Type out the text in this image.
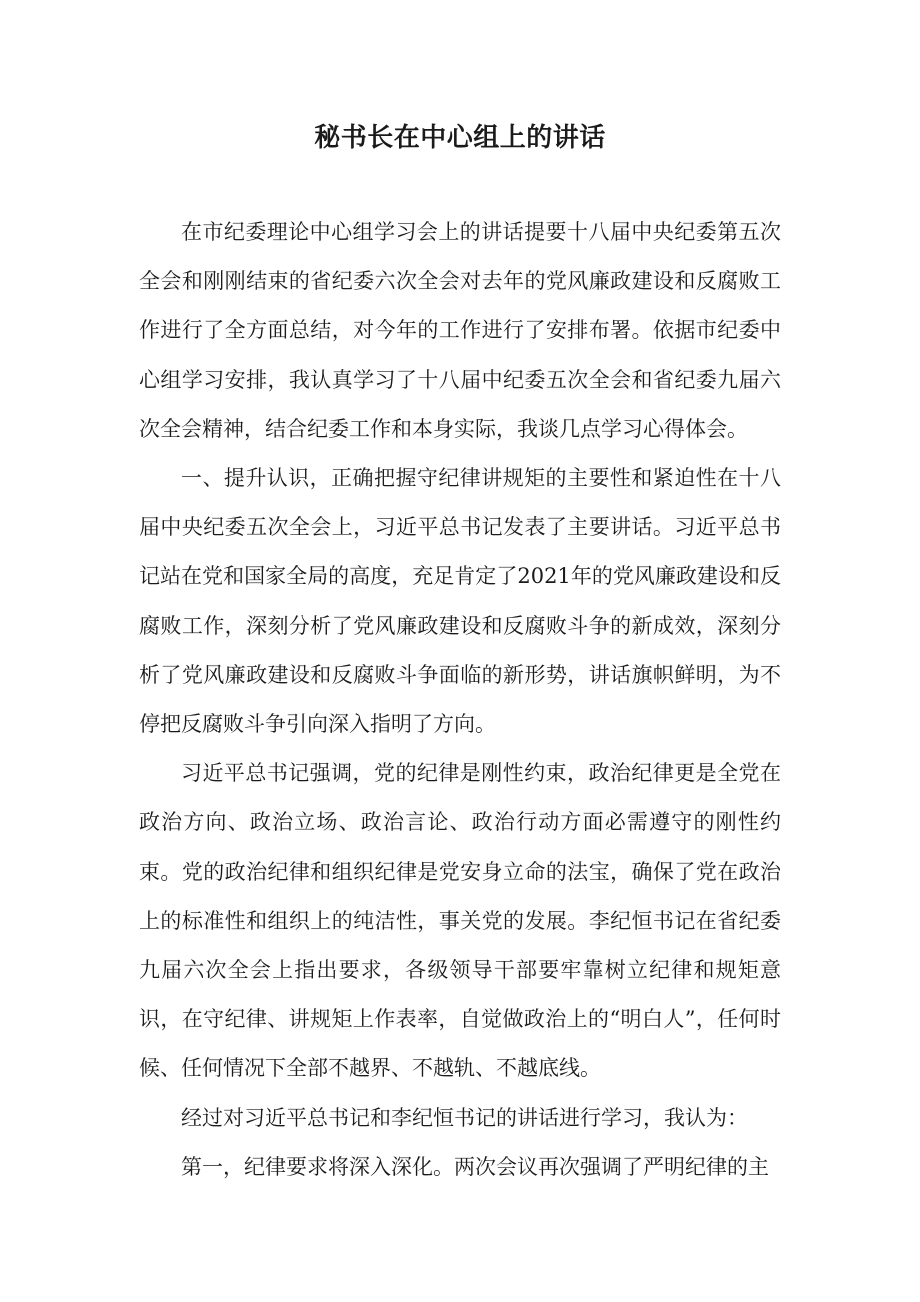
秘书长在中心组上的讲话

在市纪委理论中心组学习会上的讲话提要十八届中央纪委第五次全会和刚刚结束的省纪委六次全会对去年的党风廉政建设和反腐败工作进行了全方面总结，对今年的工作进行了安排布署。依据市纪委中心组学习安排，我认真学习了十八届中纪委五次全会和省纪委九届六次全会精神，结合纪委工作和本身实际，我谈几点学习心得体会。

一、提升认识，正确把握守纪律讲规矩的主要性和紧迫性在十八届中央纪委五次全会上，习近平总书记发表了主要讲话。习近平总书记站在党和国家全局的高度，充足肯定了2021年的党风廉政建设和反腐败工作，深刻分析了党风廉政建设和反腐败斗争的新成效，深刻分析了党风廉政建设和反腐败斗争面临的新形势，讲话旗帜鲜明，为不停把反腐败斗争引向深入指明了方向。

习近平总书记强调，党的纪律是刚性约束，政治纪律更是全党在政治方向、政治立场、政治言论、政治行动方面必需遵守的刚性约束。党的政治纪律和组织纪律是党安身立命的法宝，确保了党在政治上的标准性和组织上的纯洁性，事关党的发展。李纪恒书记在省纪委九届六次全会上指出要求，各级领导干部要牢靠树立纪律和规矩意识，在守纪律、讲规矩上作表率，自觉做政治上的“明白人”，任何时候、任何情况下全部不越界、不越轨、不越底线。

经过对习近平总书记和李纪恒书记的讲话进行学习，我认为：

第一，纪律要求将深入深化。两次会议再次强调了严明纪律的主
